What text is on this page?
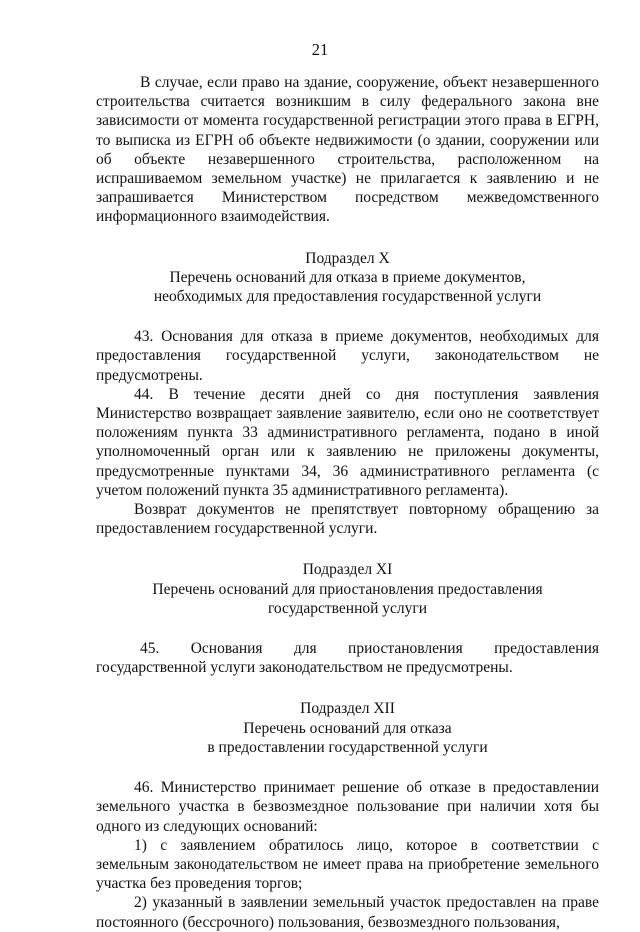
21

В случае, если право на здание, сооружение, объект незавершенного строительства считается возникшим в силу федерального закона вне зависимости от момента государственной регистрации этого права в ЕГРН, то выписка из ЕГРН об объекте недвижимости (о здании, сооружении или об объекте незавершенного строительства, расположенном на испрашиваемом земельном участке) не прилагается к заявлению и не запрашивается Министерством посредством межведомственного информационного взаимодействия.

Подраздел X
Перечень оснований для отказа в приеме документов,
необходимых для предоставления государственной услуги

43. Основания для отказа в приеме документов, необходимых для предоставления государственной услуги, законодательством не предусмотрены.

44. В течение десяти дней со дня поступления заявления Министерство возвращает заявление заявителю, если оно не соответствует положениям пункта 33 административного регламента, подано в иной уполномоченный орган или к заявлению не приложены документы, предусмотренные пунктами 34, 36 административного регламента (с учетом положений пункта 35 административного регламента).

Возврат документов не препятствует повторному обращению за предоставлением государственной услуги.

Подраздел XI
Перечень оснований для приостановления предоставления
государственной услуги

45. Основания для приостановления предоставления государственной услуги законодательством не предусмотрены.

Подраздел XII
Перечень оснований для отказа
в предоставлении государственной услуги

46. Министерство принимает решение об отказе в предоставлении земельного участка в безвозмездное пользование при наличии хотя бы одного из следующих оснований:

1) с заявлением обратилось лицо, которое в соответствии с земельным законодательством не имеет права на приобретение земельного участка без проведения торгов;

2) указанный в заявлении земельный участок предоставлен на праве постоянного (бессрочного) пользования, безвозмездного пользования,
